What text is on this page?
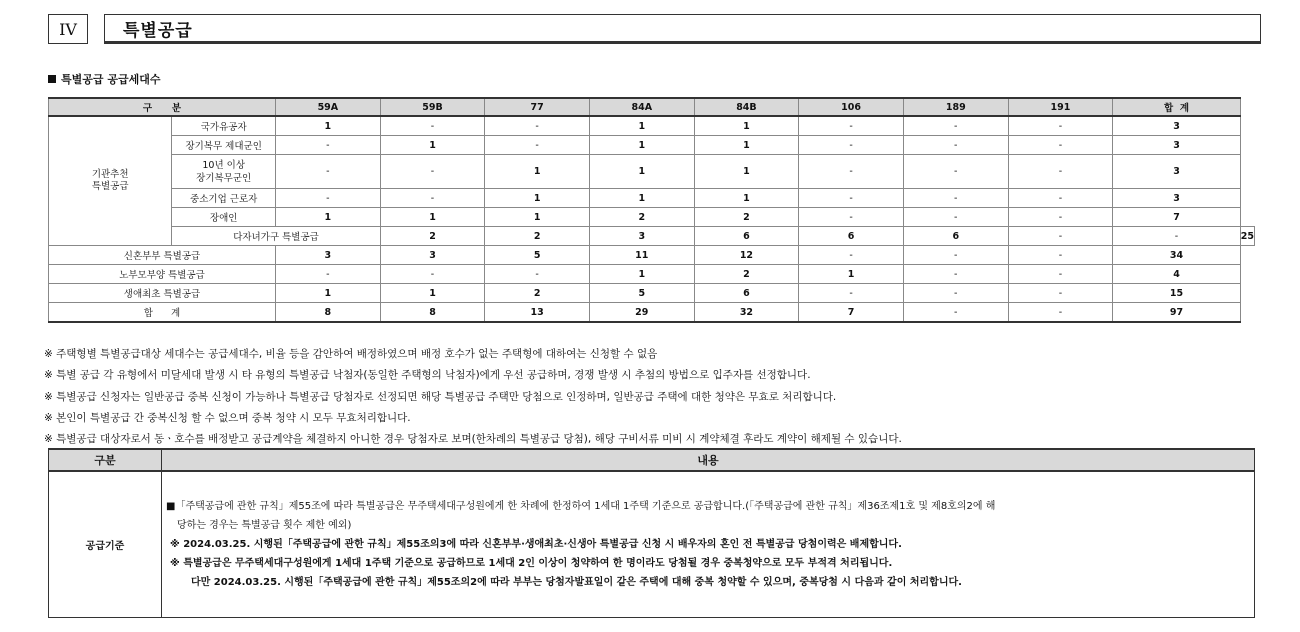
IV	특별공급
특별공급 공급세대수
구      분		59A	59B	77	84A	84B	106	189	191	합  계	
기관추천
특별공급	국가유공자	1	-	-	1	1	-	-	-	3	
	장기복무 제대군인	-	1	-	1	1	-	-	-	3	
	10년 이상
장기복무군인	-	-	1	1	1	-	-	-	3	
	중소기업 근로자	-	-	1	1	1	-	-	-	3	
	장애인	1	1	1	2	2	-	-	-	7	
	다자녀가구 특별공급		2	2	3	6	6	6	-	-	25
신혼부부 특별공급		3	3	5	11	12	-	-	-	34	
노부모부양 특별공급		-	-	-	1	2	1	-	-	4	
생애최초 특별공급		1	1	2	5	6	-	-	-	15	
합      계		8	8	13	29	32	7	-	-	97	
※ 주택형별 특별공급대상 세대수는 공급세대수, 비율 등을 감안하여 배정하였으며 배정 호수가 없는 주택형에 대하여는 신청할 수 없음
※ 특별 공급 각 유형에서 미달세대 발생 시 타 유형의 특별공급 낙첨자(동일한 주택형의 낙첨자)에게 우선 공급하며, 경쟁 발생 시 추첨의 방법으로 입주자를 선정합니다.
※ 특별공급 신청자는 일반공급 중복 신청이 가능하나 특별공급 당첨자로 선정되면 해당 특별공급 주택만 당첨으로 인정하며, 일반공급 주택에 대한 청약은 무효로 처리합니다.
※ 본인이 특별공급 간 중복신청 할 수 없으며 중복 청약 시 모두 무효처리합니다.
※ 특별공급 대상자로서 동ㆍ호수를 배정받고 공급계약을 체결하지 아니한 경우 당첨자로 보며(한차례의 특별공급 당첨), 해당 구비서류 미비 시 계약체결 후라도 계약이 해제될 수 있습니다.
구분	내용
공급기준	■「주택공급에 관한 규칙」제55조에 따라 특별공급은 무주택세대구성원에게 한 차례에 한정하여 1세대 1주택 기준으로 공급합니다.(「주택공급에 관한 규칙」제36조제1호 및 제8호의2에 해
당하는 경우는 특별공급 횟수 제한 예외)
※ 2024.03.25. 시행된「주택공급에 관한 규칙」제55조의3에 따라 신혼부부·생애최초·신생아 특별공급 신청 시 배우자의 혼인 전 특별공급 당첨이력은 배제합니다.
※ 특별공급은 무주택세대구성원에게 1세대 1주택 기준으로 공급하므로 1세대 2인 이상이 청약하여 한 명이라도 당첨될 경우 중복청약으로 모두 부적격 처리됩니다.
다만 2024.03.25. 시행된「주택공급에 관한 규칙」제55조의2에 따라 부부는 당첨자발표일이 같은 주택에 대해 중복 청약할 수 있으며, 중복당첨 시 다음과 같이 처리합니다.
